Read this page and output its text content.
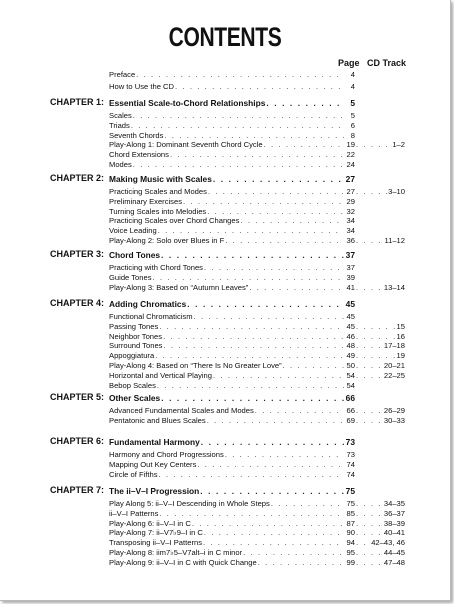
CONTENTS
Page CD Track
Preface . . .	4
How to Use the CD . . .	4
CHAPTER 1: Essential Scale-to-Chord Relationships . . .	5
Scales . . .	5
Triads . . .	6
Seventh Chords . . .	8
Play-Along 1: Dominant Seventh Chord Cycle . . .	19 . . .	1–2
Chord Extensions . . .	22
Modes . . .	24
CHAPTER 2: Making Music with Scales . . .	27
Practicing Scales and Modes . . .	27 . . .	3–10
Preliminary Exercises . . .	29
Turning Scales into Melodies . . .	32
Practicing Scales over Chord Changes . . .	34
Voice Leading . . .	34
Play-Along 2: Solo over Blues in F . . .	36 . . .	11–12
CHAPTER 3: Chord Tones . . .	37
Practicing with Chord Tones . . .	37
Guide Tones . . .	39
Play-Along 3: Based on “Autumn Leaves” . . .	41 . . .	13–14
CHAPTER 4: Adding Chromatics . . .	45
Functional Chromaticism . . .	45
Passing Tones . . .	45 . . .	15
Neighbor Tones . . .	46 . . .	16
Surround Tones . . .	48 . . .	17–18
Appoggiatura . . .	49 . . .	19
Play-Along 4: Based on “There Is No Greater Love” . . .	50 . . .	20–21
Horizontal and Vertical Playing . . .	54 . . .	22–25
Bebop Scales . . .	54
CHAPTER 5: Other Scales . . .	66
Advanced Fundamental Scales and Modes . . .	66 . . .	26–29
Pentatonic and Blues Scales . . .	69 . . .	30–33
CHAPTER 6: Fundamental Harmony . . .	73
Harmony and Chord Progressions . . .	73
Mapping Out Key Centers . . .	74
Circle of Fifths . . .	74
CHAPTER 7: The ii–V–I Progression . . .	75
Play Along 5: ii–V–I Descending in Whole Steps . . .	75 . . .	34–35
ii–V–I Patterns . . .	85 . . .	36–37
Play-Along 6: ii–V–I in C . . .	87 . . .	38–39
Play-Along 7: ii–V7♭9–I in C . . .	90 . . .	40–41
Transposing ii–V–I Patterns . . .	94 . . . 42–43, 46
Play-Along 8: iim7♭5–V7alt–i in C minor . . .	95 . . .	44–45
Play-Along 9: ii–V–I in C with Quick Change . . .	99 . . .	47–48
